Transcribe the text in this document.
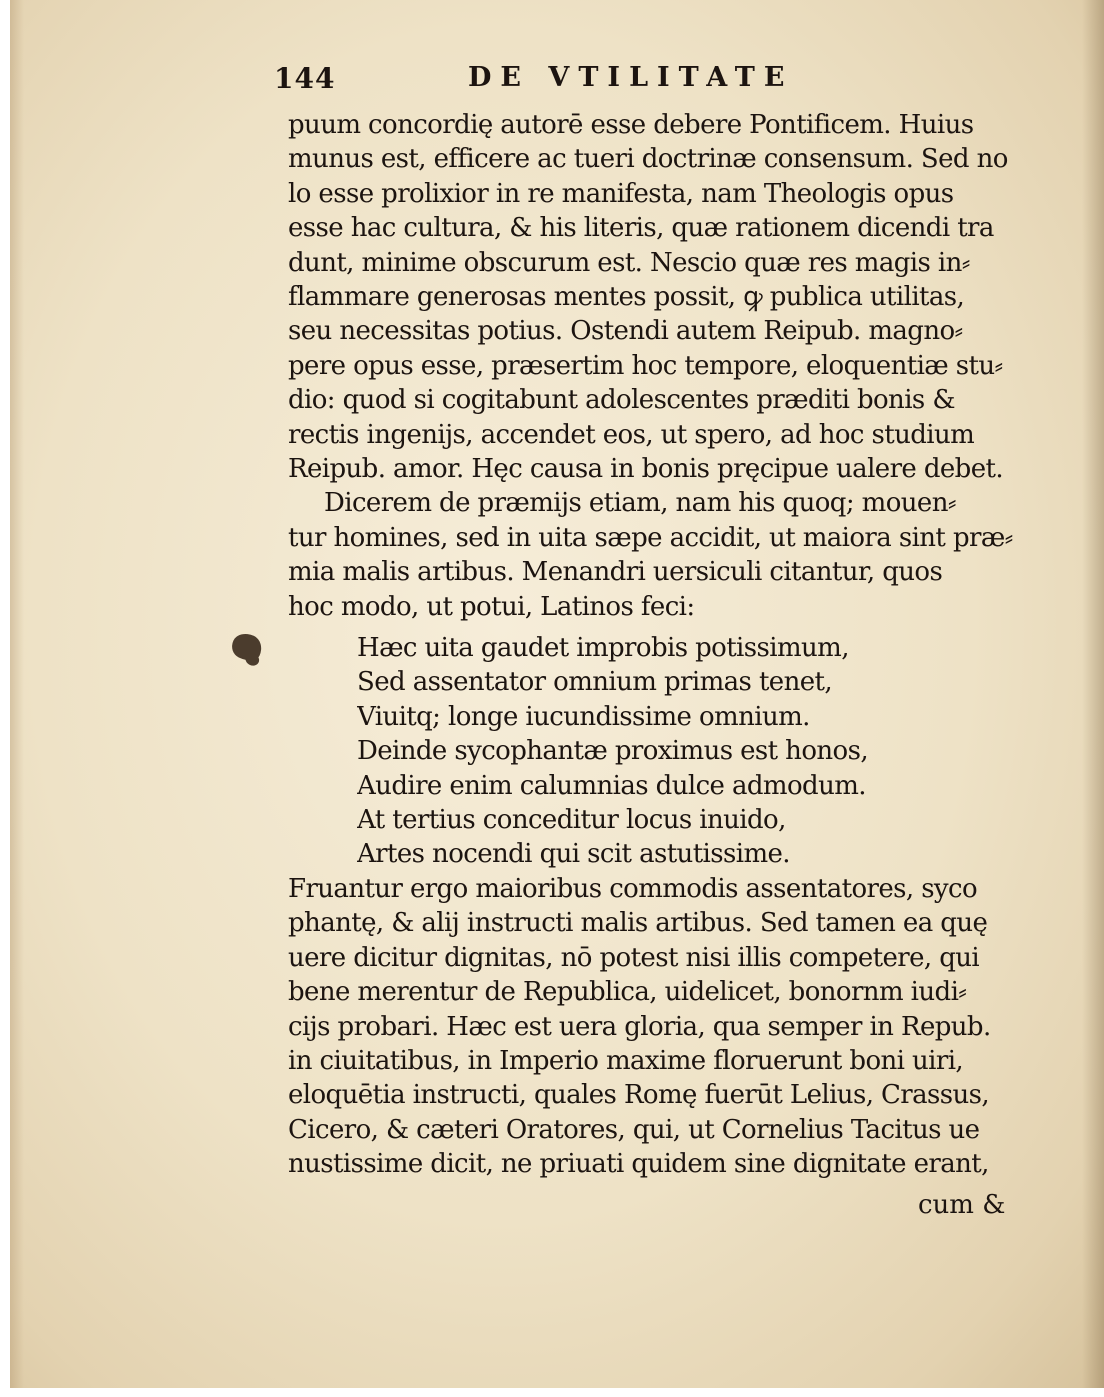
144	DE VTILITATE
puum concordię autorē esse debere Pontificem. Huius
munus est, efficere ac tueri doctrinæ consensum. Sed no
lo esse prolixior in re manifesta, nam Theologis opus
esse hac cultura, & his literis, quæ rationem dicendi tra
dunt, minime obscurum est. Nescio quæ res magis in⸗
flammare generosas mentes possit, ꝙ publica utilitas,
seu necessitas potius. Ostendi autem Reipub. magno⸗
pere opus esse, præsertim hoc tempore, eloquentiæ stu⸗
dio: quod si cogitabunt adolescentes præditi bonis &
rectis ingenijs, accendet eos, ut spero, ad hoc studium
Reipub. amor. Hęc causa in bonis pręcipue ualere debet.
Dicerem de præmijs etiam, nam his quoq; mouen⸗
tur homines, sed in uita sæpe accidit, ut maiora sint præ⸗
mia malis artibus. Menandri uersiculi citantur, quos
hoc modo, ut potui, Latinos feci:
Hæc uita gaudet improbis potissimum,
Sed assentator omnium primas tenet,
Viuitq; longe iucundissime omnium.
Deinde sycophantæ proximus est honos,
Audire enim calumnias dulce admodum.
At tertius conceditur locus inuido,
Artes nocendi qui scit astutissime.
Fruantur ergo maioribus commodis assentatores, syco
phantę, & alij instructi malis artibus. Sed tamen ea quę
uere dicitur dignitas, nō potest nisi illis competere, qui
bene merentur de Republica, uidelicet, bonornm iudi⸗
cijs probari. Hæc est uera gloria, qua semper in Repub.
in ciuitatibus, in Imperio maxime floruerunt boni uiri,
eloquētia instructi, quales Romę fuerūt Lelius, Crassus,
Cicero, & cæteri Oratores, qui, ut Cornelius Tacitus ue
nustissime dicit, ne priuati quidem sine dignitate erant,
cum &
